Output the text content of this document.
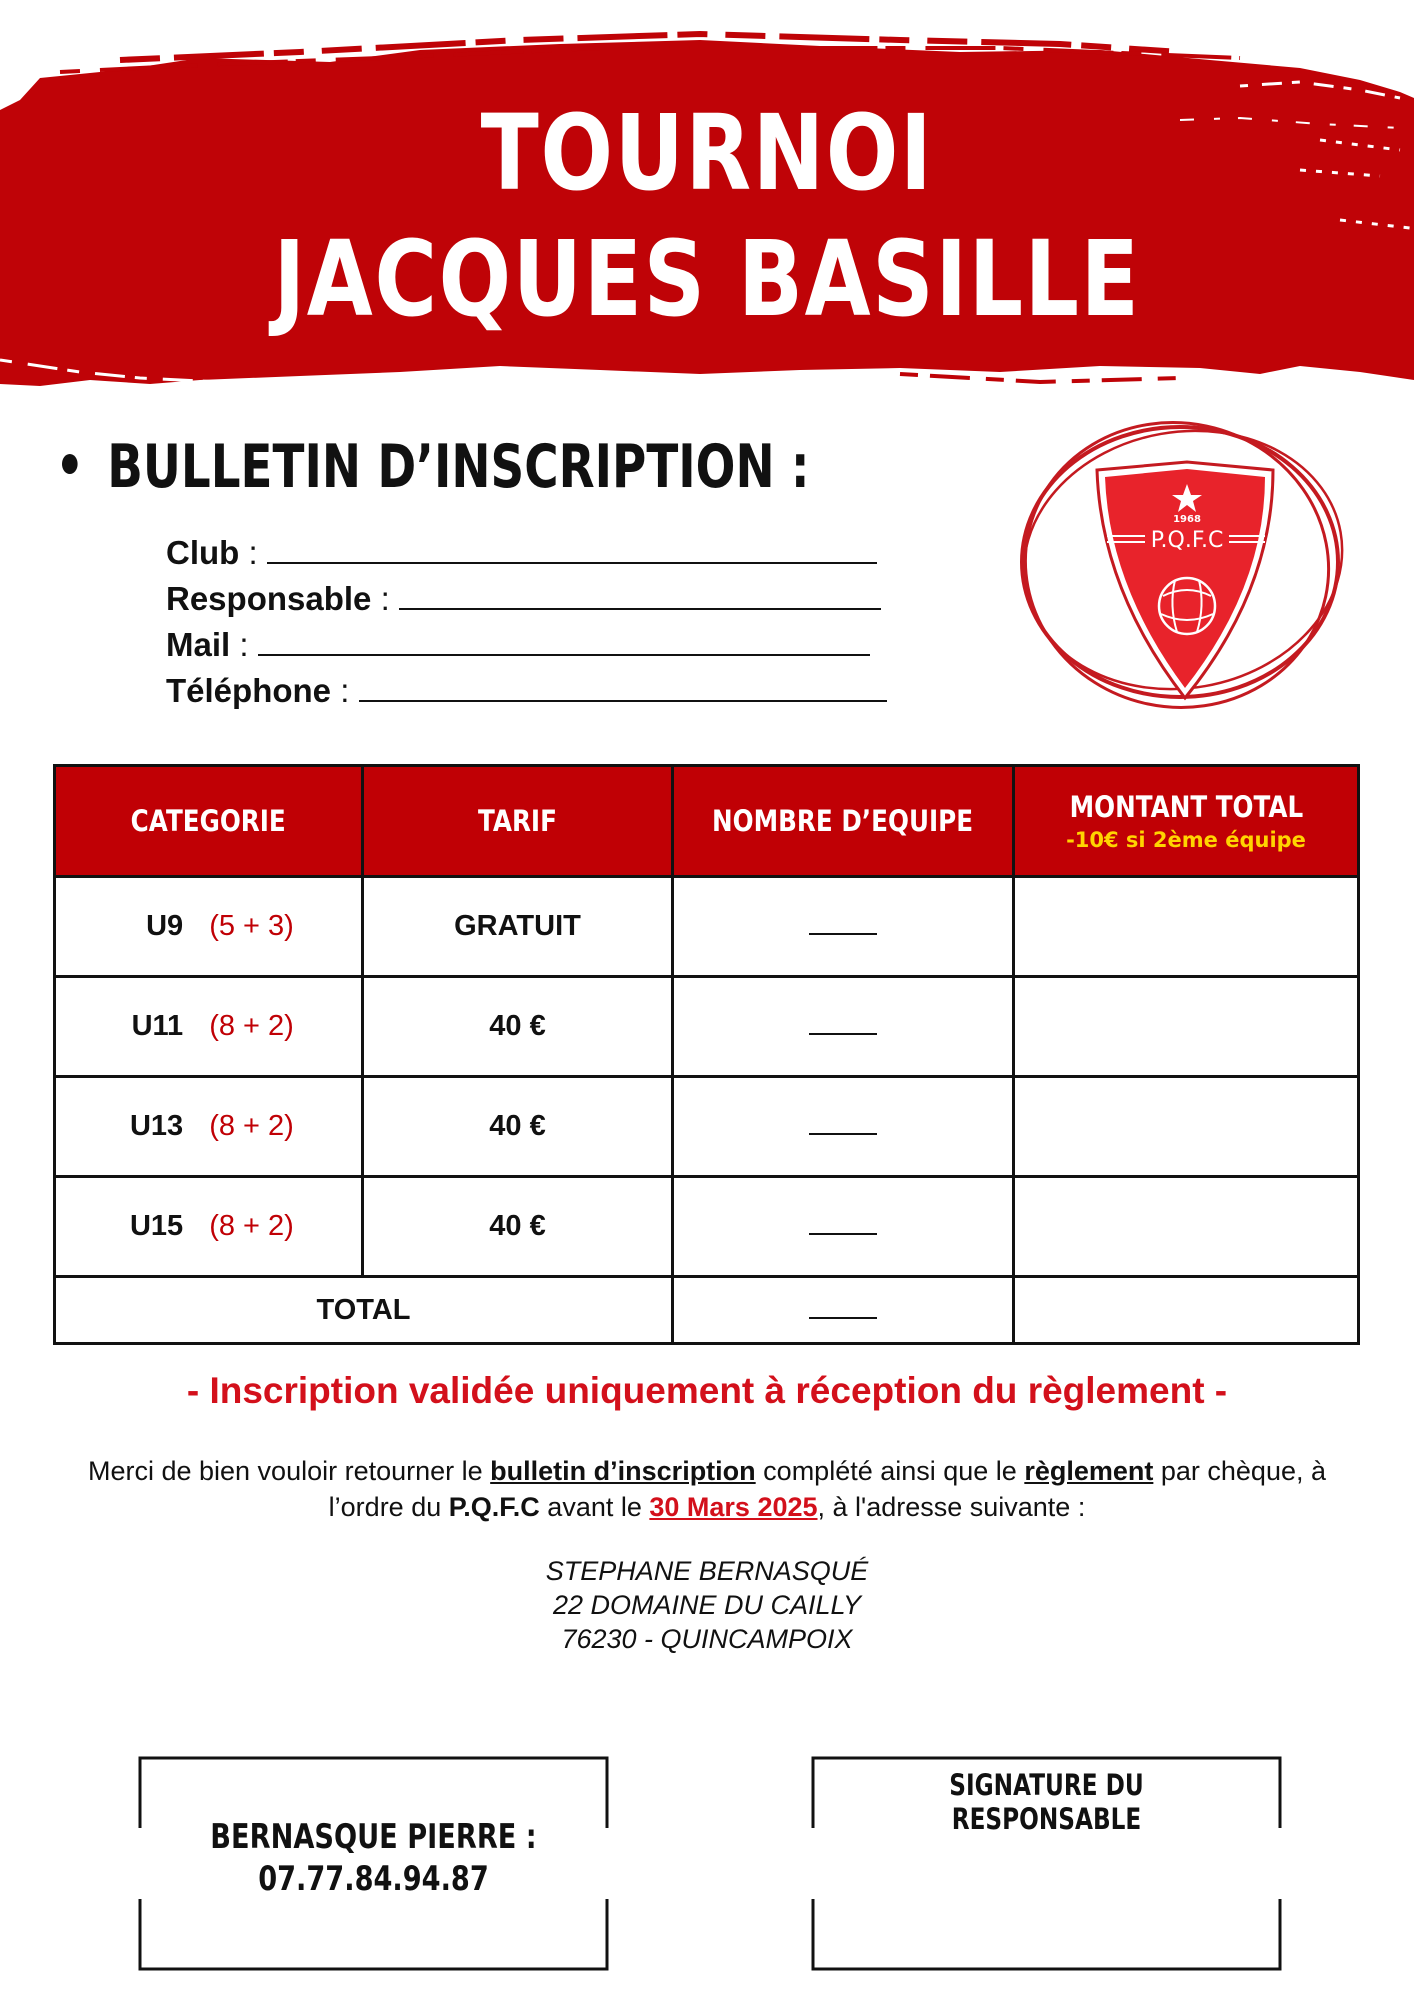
TOURNOI
JACQUES BASILLE
BULLETIN D’INSCRIPTION :
Club :
Responsable :
Mail :
Téléphone :
1968
P.Q.F.C
CATEGORIE	TARIF	NOMBRE D’EQUIPE	MONTANT TOTAL
-10€ si 2ème équipe

U9 (5 + 3)	GRATUIT		
U11 (8 + 2)	40 €		
U13 (8 + 2)	40 €		
U15 (8 + 2)	40 €		
TOTAL			
- Inscription validée uniquement à réception du règlement -
Merci de bien vouloir retourner le bulletin d’inscription complété ainsi que le règlement par chèque, à l’ordre du P.Q.F.C avant le 30 Mars 2025, à l'adresse suivante :
STEPHANE BERNASQUÉ
22 DOMAINE DU CAILLY
76230 - QUINCAMPOIX
BERNASQUE PIERRE :
07.77.84.94.87
SIGNATURE DU RESPONSABLE
